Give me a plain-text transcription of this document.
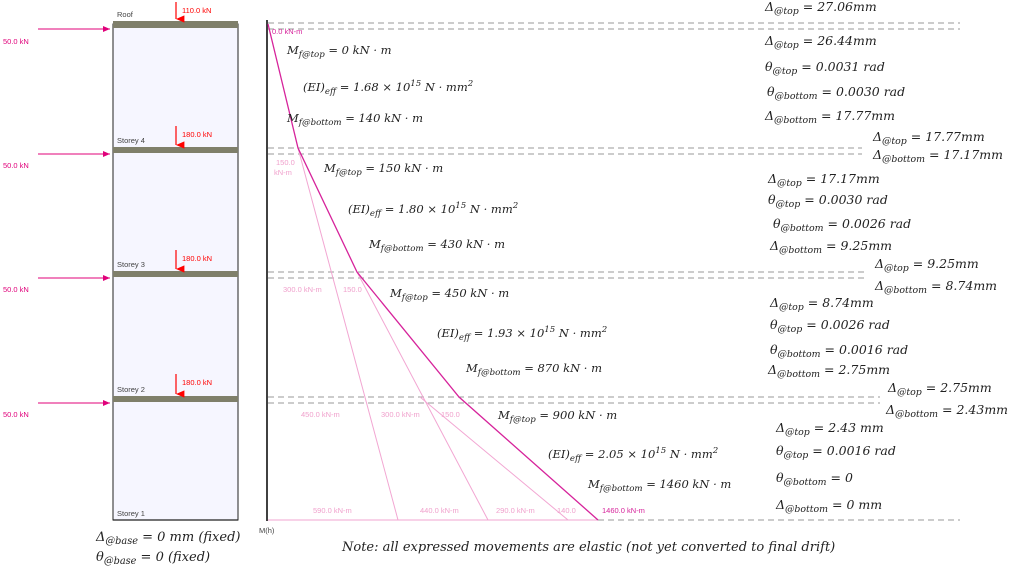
Roof
Storey 4
Storey 3
Storey 2
Storey 1
110.0 kN
180.0 kN
180.0 kN
180.0 kN
50.0 kN
50.0 kN
50.0 kN
50.0 kN
M(h)
0.0 kN-m
150.0
kN-m
300.0 kN-m	150.0
450.0 kN-m	300.0 kN-m	150.0
590.0 kN-m	440.0 kN-m	290.0 kN-m	140.0	1460.0 kN-m
$M_{f@top} = 0$ kN · m
$(EI)_{eff} = 1.68 \times 10^{15}$ $N \cdot mm^2$
$M_{f@bottom} = 140$ kN · m
$M_{f@top} = 150$ kN · m
$(EI)_{eff} = 1.80 \times 10^{15}$ $N \cdot mm^2$
$M_{f@bottom} = 430$ kN · m
$M_{f@top} = 450$ kN · m
$(EI)_{eff} = 1.93 \times 10^{15}$ $N \cdot mm^2$
$M_{f@bottom} = 870$ kN · m
$M_{f@top} = 900$ kN · m
$(EI)_{eff} = 2.05 \times 10^{15}$ $N \cdot mm^2$
$M_{f@bottom} = 1460$ kN · m
$\Delta_{@top} = 27.06mm$
$\Delta_{@top} = 26.44mm$
$\theta_{@top} = 0.0031$ rad
$\theta_{@bottom} = 0.0030$ rad
$\Delta_{@bottom} = 17.77mm$
$\Delta_{@top} = 17.77mm$
$\Delta_{@bottom} = 17.17mm$
$\Delta_{@top} = 17.17mm$
$\theta_{@top} = 0.0030$ rad
$\theta_{@bottom} = 0.0026$ rad
$\Delta_{@bottom} = 9.25mm$
$\Delta_{@top} = 9.25mm$
$\Delta_{@bottom} = 8.74mm$
$\Delta_{@top} = 8.74mm$
$\theta_{@top} = 0.0026$ rad
$\theta_{@bottom} = 0.0016$ rad
$\Delta_{@bottom} = 2.75mm$
$\Delta_{@top} = 2.75mm$
$\Delta_{@bottom} = 2.43mm$
$\Delta_{@top} = 2.43$ mm
$\theta_{@top} = 0.0016$ rad
$\theta_{@bottom} = 0$
$\Delta_{@bottom} = 0$ mm
$\Delta_{@base} = 0$ mm (fixed)
$\theta_{@base} = 0$ (fixed)
Note: all expressed movements are elastic (not yet converted to final drift)
